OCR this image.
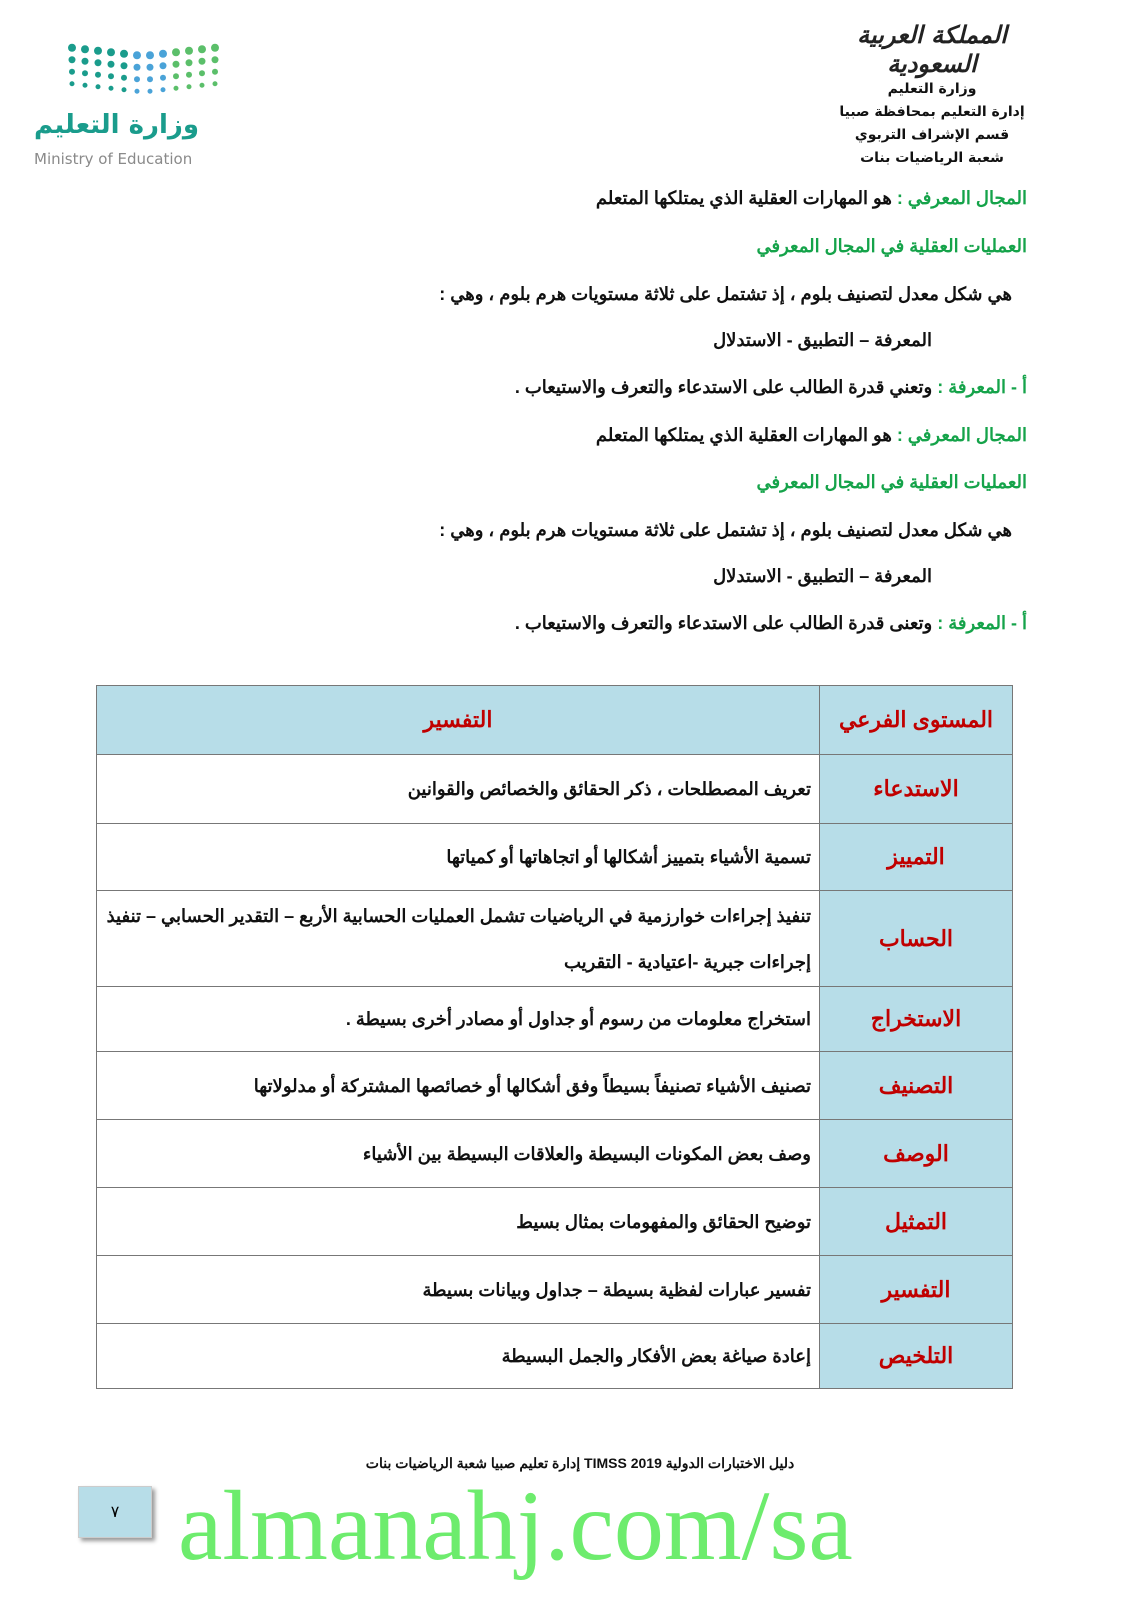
وزارة التعليم
Ministry of Education
المملكة العربية السعودية
وزارة التعليم
إدارة التعليم بمحافظة صبيا
قسم الإشراف التربوي
شعبة الرياضيات بنات
المجال المعرفي : هو المهارات العقلية الذي يمتلكها المتعلم
العمليات العقلية في المجال المعرفي
هي شكل معدل لتصنيف بلوم ، إذ تشتمل على ثلاثة مستويات هرم بلوم ، وهي :
المعرفة – التطبيق - الاستدلال
أ - المعرفة : وتعني قدرة الطالب على الاستدعاء والتعرف والاستيعاب .
المجال المعرفي : هو المهارات العقلية الذي يمتلكها المتعلم
العمليات العقلية في المجال المعرفي
هي شكل معدل لتصنيف بلوم ، إذ تشتمل على ثلاثة مستويات هرم بلوم ، وهي :
المعرفة – التطبيق - الاستدلال
أ - المعرفة : وتعنى قدرة الطالب على الاستدعاء والتعرف والاستيعاب .
المستوى الفرعي	التفسير
الاستدعاء	تعريف المصطلحات ، ذكر الحقائق والخصائص والقوانين
التمييز	تسمية الأشياء بتمييز أشكالها أو اتجاهاتها أو كمياتها
الحساب	تنفيذ إجراءات خوارزمية في الرياضيات تشمل العمليات الحسابية الأربع – التقدير الحسابي – تنفيذ إجراءات جبرية -اعتيادية - التقريب
الاستخراج	استخراج معلومات من رسوم أو جداول أو مصادر أخرى بسيطة .
التصنيف	تصنيف الأشياء تصنيفاً بسيطاً وفق أشكالها أو خصائصها المشتركة أو مدلولاتها
الوصف	وصف بعض المكونات البسيطة والعلاقات البسيطة بين الأشياء
التمثيل	توضيح الحقائق والمفهومات بمثال بسيط
التفسير	تفسير عبارات لفظية بسيطة – جداول وبيانات بسيطة
التلخيص	إعادة صياغة بعض الأفكار والجمل البسيطة
almanahj.com/sa
دليل الاختبارات الدولية TIMSS 2019 إدارة تعليم صبيا شعبة الرياضيات بنات
٧
